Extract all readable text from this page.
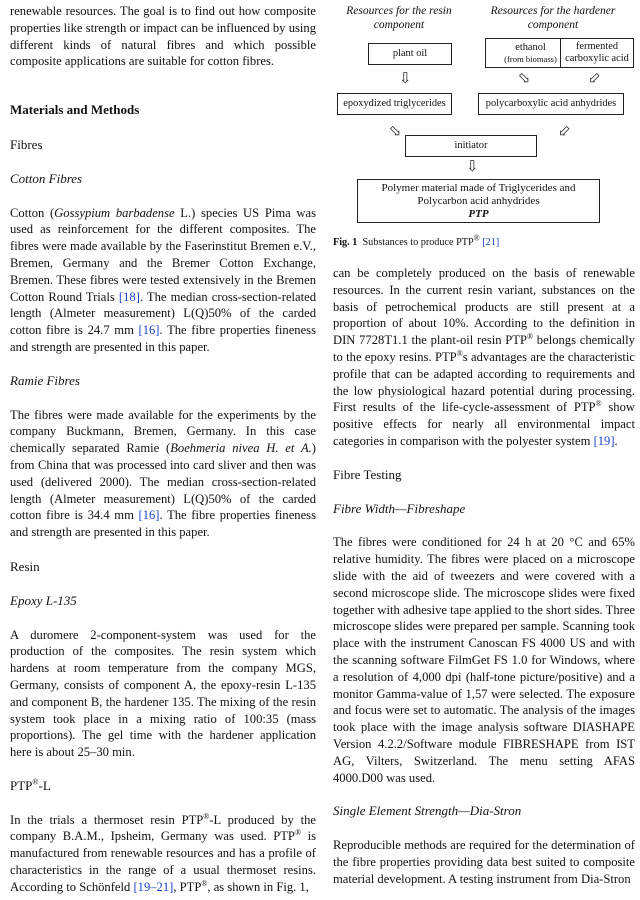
renewable resources. The goal is to find out how composite properties like strength or impact can be influenced by using different kinds of natural fibres and which possible composite applications are suitable for cotton fibres.

Materials and Methods

Fibres

Cotton Fibres

Cotton (Gossypium barbadense L.) species US Pima was used as reinforcement for the different composites. The fibres were made available by the Faserinstitut Bremen e.V., Bremen, Germany and the Bremer Cotton Exchange, Bremen. These fibres were tested extensively in the Bremen Cotton Round Trials [18]. The median cross-section-related length (Almeter measurement) L(Q)50% of the carded cotton fibre is 24.7 mm [16]. The fibre properties fineness and strength are presented in this paper.

Ramie Fibres

The fibres were made available for the experiments by the company Buckmann, Bremen, Germany. In this case chemically separated Ramie (Boehmeria nivea H. et A.) from China that was processed into card sliver and then was used (delivered 2000). The median cross-section-related length (Almeter measurement) L(Q)50% of the carded cotton fibre is 34.4 mm [16]. The fibre properties fineness and strength are presented in this paper.

Resin

Epoxy L-135

A duromere 2-component-system was used for the production of the composites. The resin system which hardens at room temperature from the company MGS, Germany, consists of component A, the epoxy-resin L-135 and component B, the hardener 135. The mixing of the resin system took place in a mixing ratio of 100:35 (mass proportions). The gel time with the hardener application here is about 25–30 min.

PTP®-L

In the trials a thermoset resin PTP®-L produced by the company B.A.M., Ipsheim, Germany was used. PTP® is manufactured from renewable resources and has a profile of characteristics in the range of a usual thermoset resins. According to Schönfeld [19–21], PTP®, as shown in Fig. 1,

Resources for the resin component
Resources for the hardener component
plant oil
ethanol
(from biomass)
fermented carboxylic acid
⇩	⬂	⬃
epoxydized triglycerides	polycarboxylic acid anhydrides
⬂	⬃
initiator
⇩
Polymer material made of Triglycerides and Polycarbon acid anhydrides
PTP

Fig. 1 Substances to produce PTP® [21]

can be completely produced on the basis of renewable resources. In the current resin variant, substances on the basis of petrochemical products are still present at a proportion of about 10%. According to the definition in DIN 7728T1.1 the plant-oil resin PTP® belongs chemically to the epoxy resins. PTP®s advantages are the characteristic profile that can be adapted according to requirements and the low physiological hazard potential during processing. First results of the life-cycle-assessment of PTP® show positive effects for nearly all environmental impact categories in comparison with the polyester system [19].

Fibre Testing

Fibre Width—Fibreshape

The fibres were conditioned for 24 h at 20 °C and 65% relative humidity. The fibres were placed on a microscope slide with the aid of tweezers and were covered with a second microscope slide. The microscope slides were fixed together with adhesive tape applied to the short sides. Three microscope slides were prepared per sample. Scanning took place with the instrument Canoscan FS 4000 US and with the scanning software FilmGet FS 1.0 for Windows, where a resolution of 4,000 dpi (half-tone picture/positive) and a monitor Gamma-value of 1,57 were selected. The exposure and focus were set to automatic. The analysis of the images took place with the image analysis software DIASHAPE Version 4.2.2/Software module FIBRESHAPE from IST AG, Vilters, Switzerland. The menu setting AFAS 4000.D00 was used.

Single Element Strength—Dia-Stron

Reproducible methods are required for the determination of the fibre properties providing data best suited to composite material development. A testing instrument from Dia-Stron
